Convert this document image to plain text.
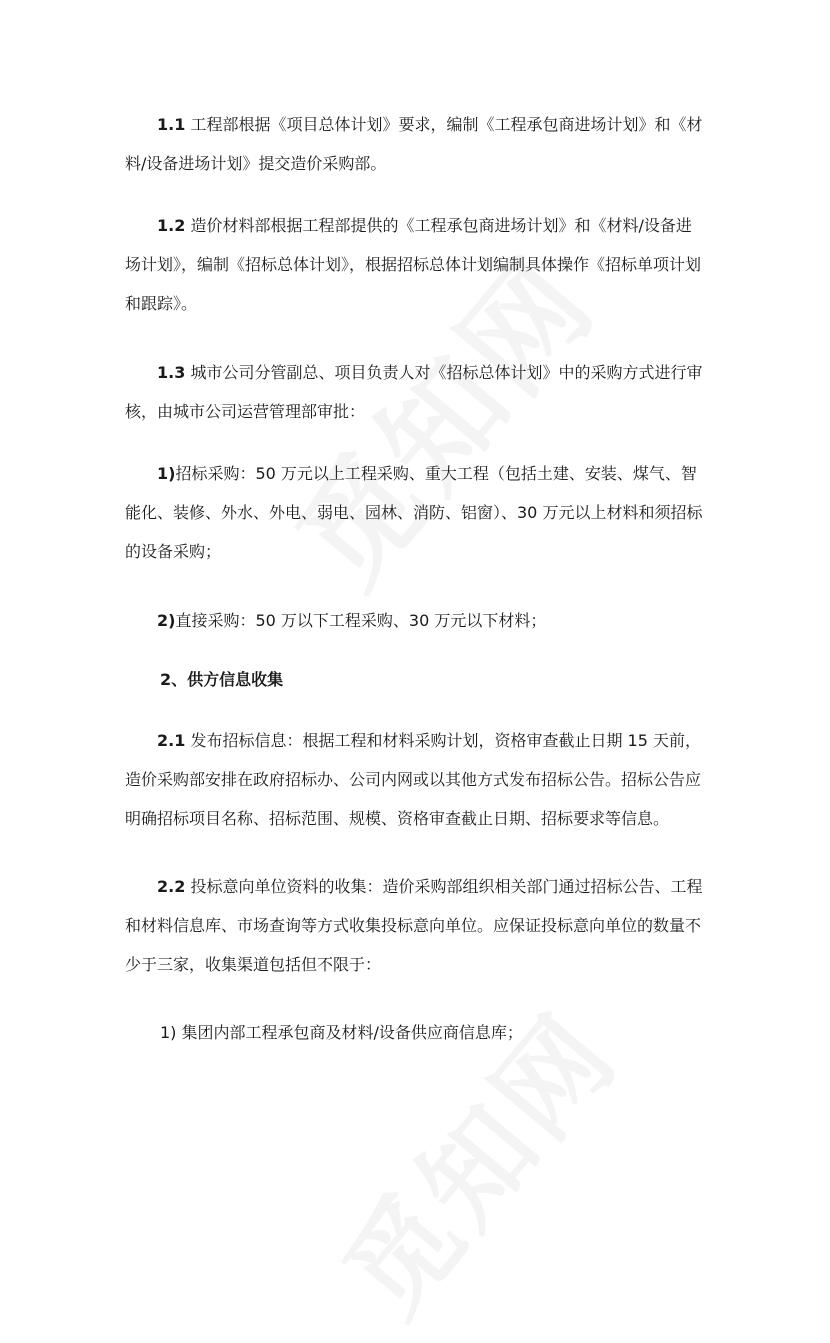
1.1 工程部根据《项目总体计划》要求，编制《工程承包商进场计划》和《材料/设备进场计划》提交造价采购部。

1.2 造价材料部根据工程部提供的《工程承包商进场计划》和《材料/设备进场计划》，编制《招标总体计划》，根据招标总体计划编制具体操作《招标单项计划和跟踪》。

1.3 城市公司分管副总、项目负责人对《招标总体计划》中的采购方式进行审核，由城市公司运营管理部审批：

1)招标采购：50 万元以上工程采购、重大工程（包括土建、安装、煤气、智能化、装修、外水、外电、弱电、园林、消防、铝窗）、30 万元以上材料和须招标的设备采购；

2)直接采购：50 万以下工程采购、30 万元以下材料；

2、供方信息收集

2.1 发布招标信息：根据工程和材料采购计划，资格审查截止日期 15 天前，造价采购部安排在政府招标办、公司内网或以其他方式发布招标公告。招标公告应明确招标项目名称、招标范围、规模、资格审查截止日期、招标要求等信息。

2.2 投标意向单位资料的收集：造价采购部组织相关部门通过招标公告、工程和材料信息库、市场查询等方式收集投标意向单位。应保证投标意向单位的数量不少于三家，收集渠道包括但不限于：

1) 集团内部工程承包商及材料/设备供应商信息库；
